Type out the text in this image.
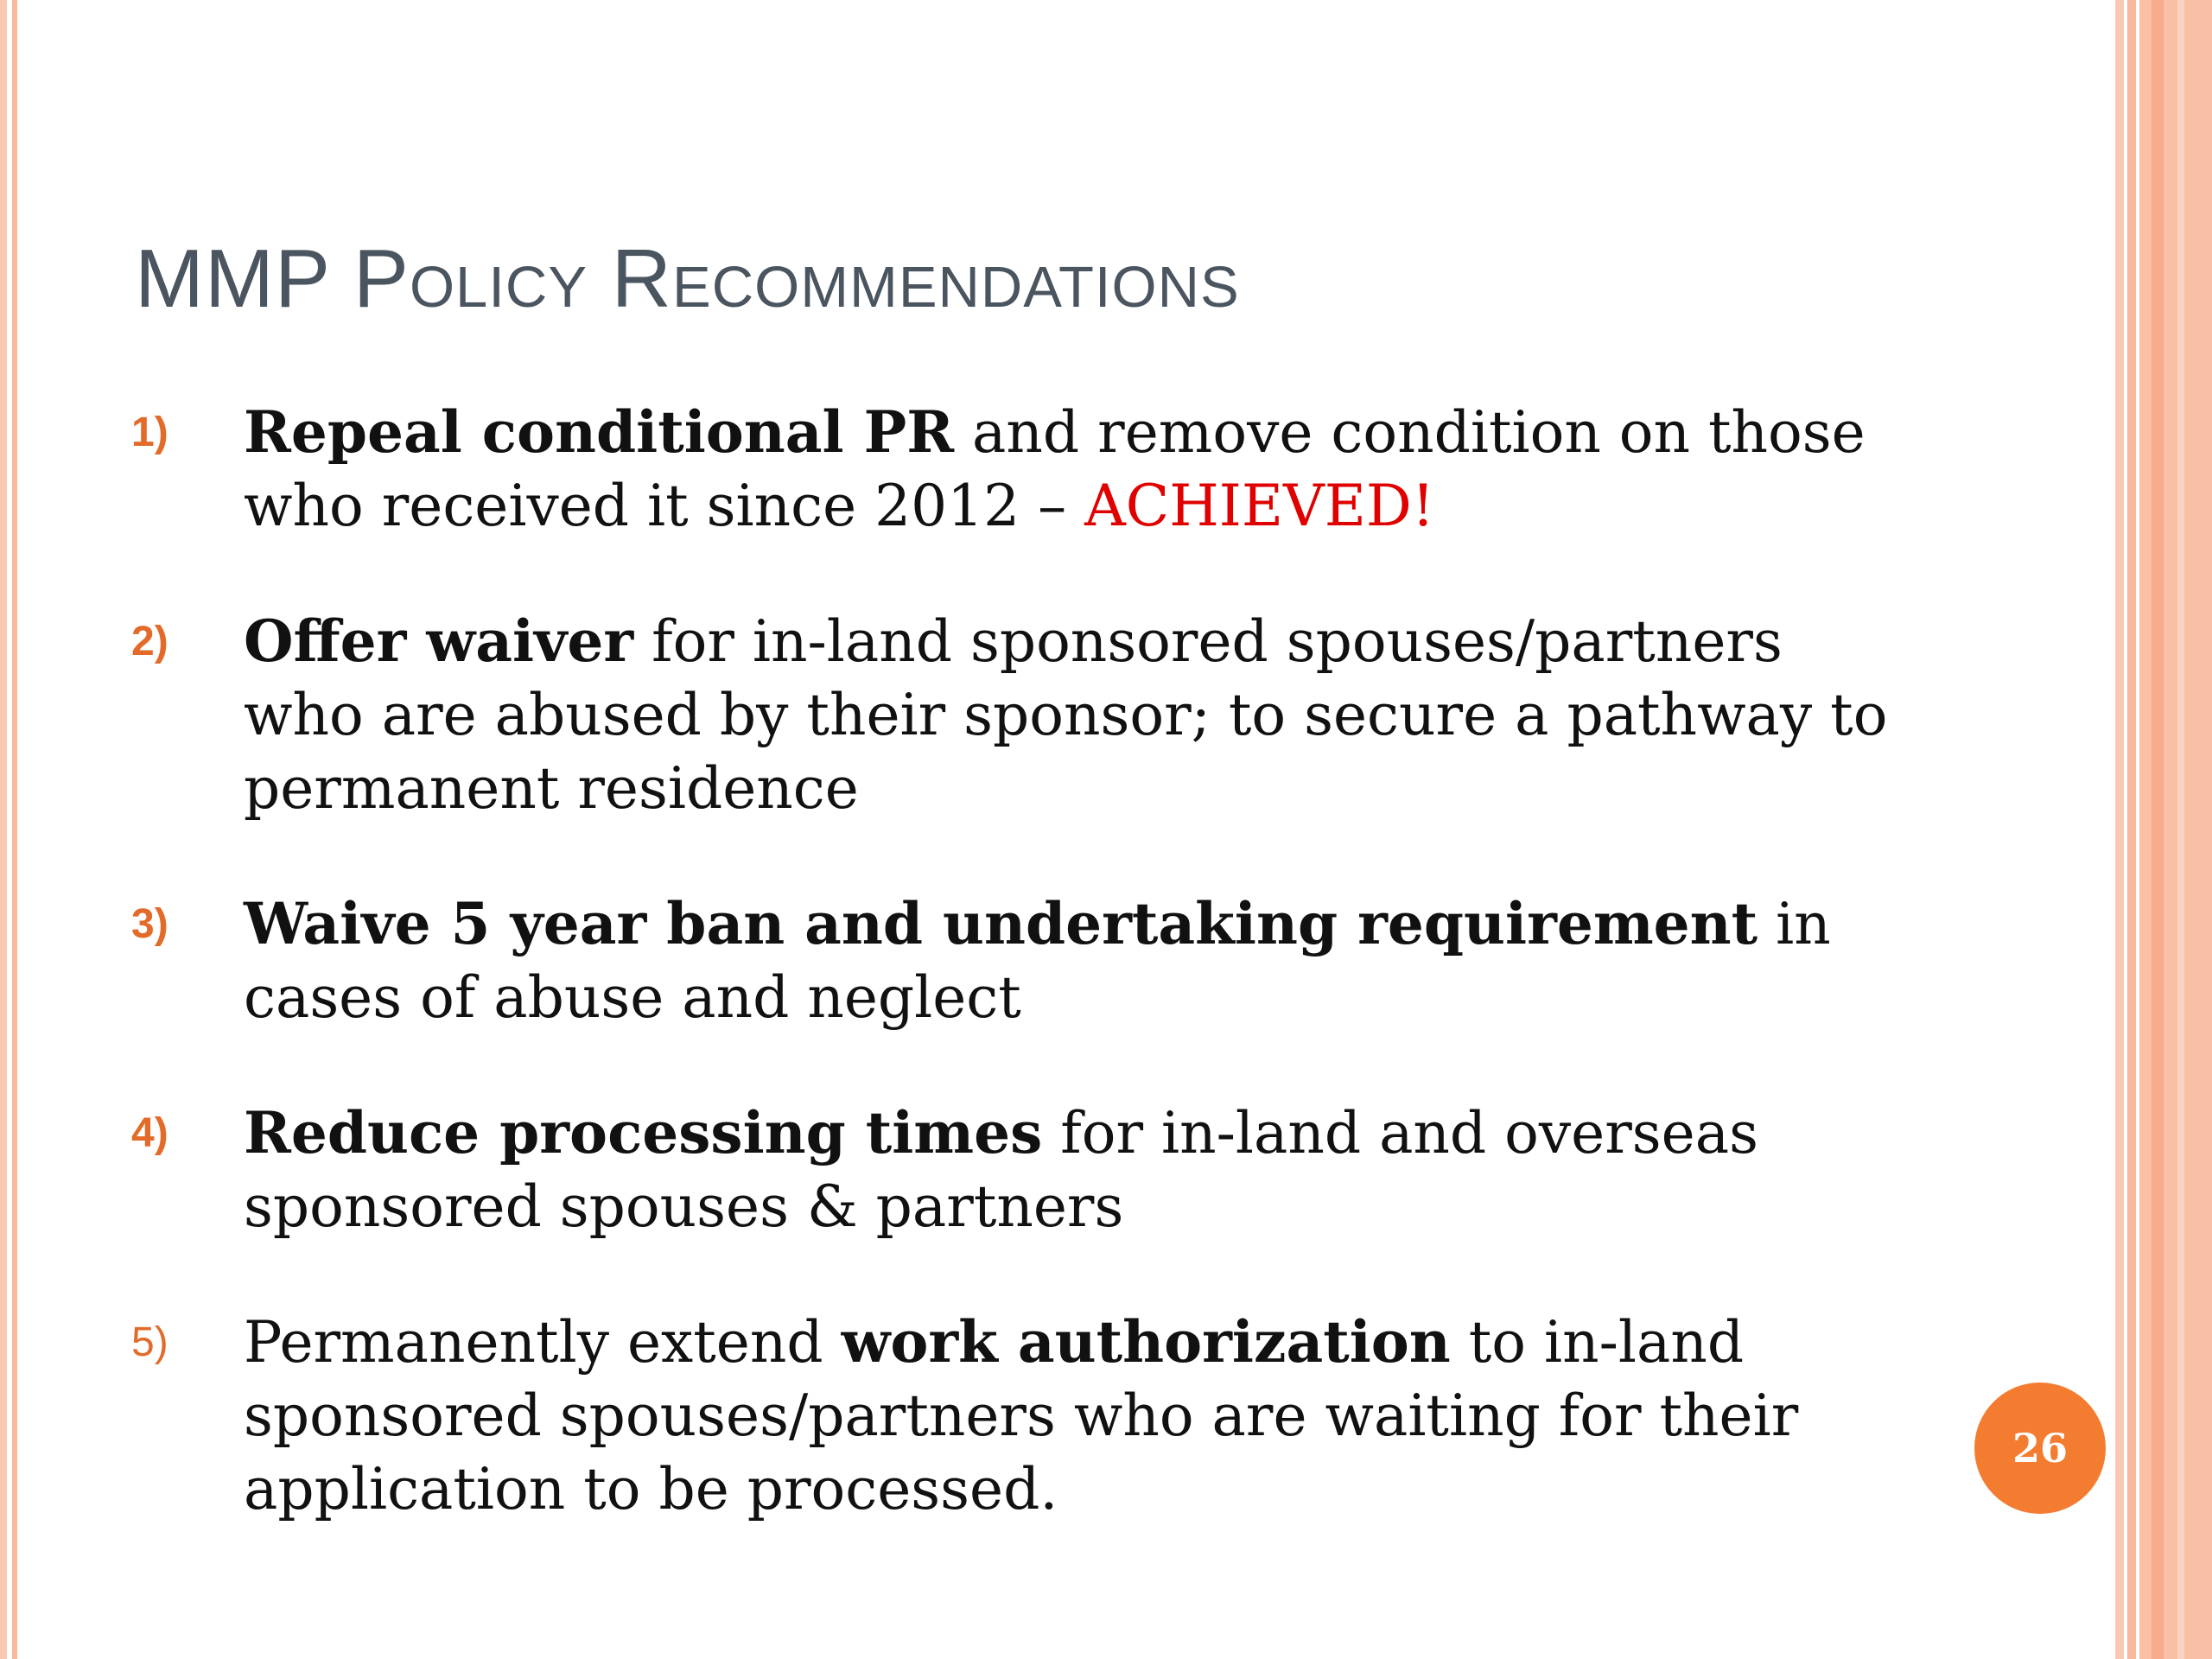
MMP Policy Recommendations
1) Repeal conditional PR and remove condition on those who received it since 2012 – ACHIEVED!
2) Offer waiver for in-land sponsored spouses/partners who are abused by their sponsor; to secure a pathway to permanent residence
3) Waive 5 year ban and undertaking requirement in cases of abuse and neglect
4) Reduce processing times for in-land and overseas sponsored spouses & partners
5) Permanently extend work authorization to in-land sponsored spouses/partners who are waiting for their application to be processed.
26
